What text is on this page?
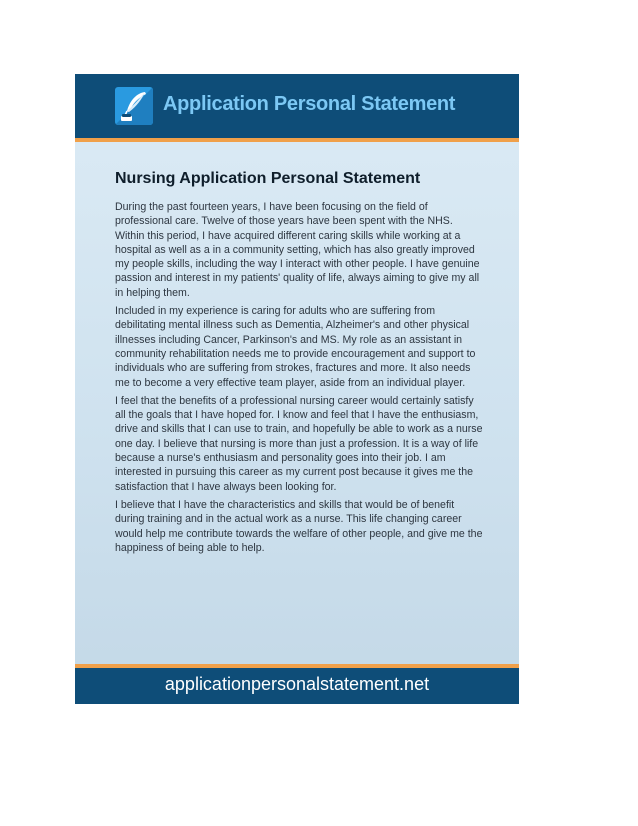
Application Personal Statement
Nursing Application Personal Statement

During the past fourteen years, I have been focusing on the field of professional care. Twelve of those years have been spent with the NHS. Within this period, I have acquired different caring skills while working at a hospital as well as a in a community setting, which has also greatly improved my people skills, including the way I interact with other people. I have genuine passion and interest in my patients' quality of life, always aiming to give my all in helping them.

Included in my experience is caring for adults who are suffering from debilitating mental illness such as Dementia, Alzheimer's and other physical illnesses including Cancer, Parkinson's and MS. My role as an assistant in community rehabilitation needs me to provide encouragement and support to individuals who are suffering from strokes, fractures and more. It also needs me to become a very effective team player, aside from an individual player.

I feel that the benefits of a professional nursing career would certainly satisfy all the goals that I have hoped for. I know and feel that I have the enthusiasm, drive and skills that I can use to train, and hopefully be able to work as a nurse one day. I believe that nursing is more than just a profession. It is a way of life because a nurse's enthusiasm and personality goes into their job. I am interested in pursuing this career as my current post because it gives me the satisfaction that I have always been looking for.

I believe that I have the characteristics and skills that would be of benefit during training and in the actual work as a nurse. This life changing career would help me contribute towards the welfare of other people, and give me the happiness of being able to help.

applicationpersonalstatement.net
